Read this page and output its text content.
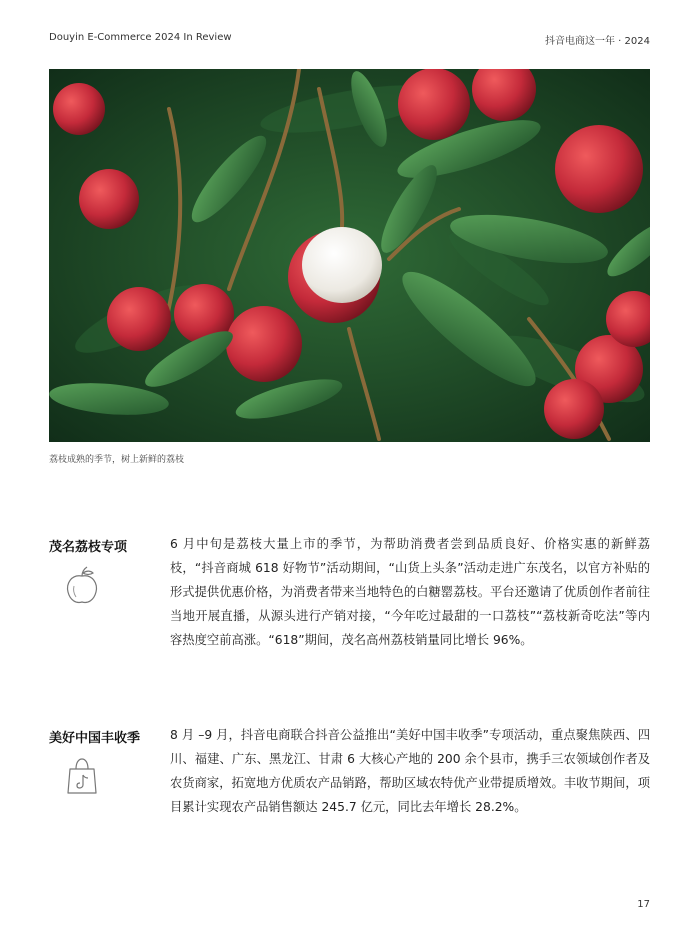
Douyin E-Commerce 2024 In Review	抖音电商这一年 · 2024
荔枝成熟的季节，树上新鲜的荔枝
茂名荔枝专项	6 月中旬是荔枝大量上市的季节，为帮助消费者尝到品质良好、价格实惠的新鲜荔枝，“抖音商城 618 好物节”活动期间，“山货上头条”活动走进广东茂名，以官方补贴的形式提供优惠价格，为消费者带来当地特色的白糖罂荔枝。平台还邀请了优质创作者前往当地开展直播，从源头进行产销对接，“今年吃过最甜的一口荔枝”“荔枝新奇吃法”等内容热度空前高涨。“618”期间，茂名高州荔枝销量同比增长 96%。

美好中国丰收季 8 月 –9 月，抖音电商联合抖音公益推出“美好中国丰收季”专项活动，重点聚焦陕西、四川、福建、广东、黑龙江、甘肃 6 大核心产地的 200 余个县市，携手三农领域创作者及农货商家，拓宽地方优质农产品销路，帮助区域农特优产业带提质增效。丰收节期间，项目累计实现农产品销售额达 245.7 亿元，同比去年增长 28.2%。

17
